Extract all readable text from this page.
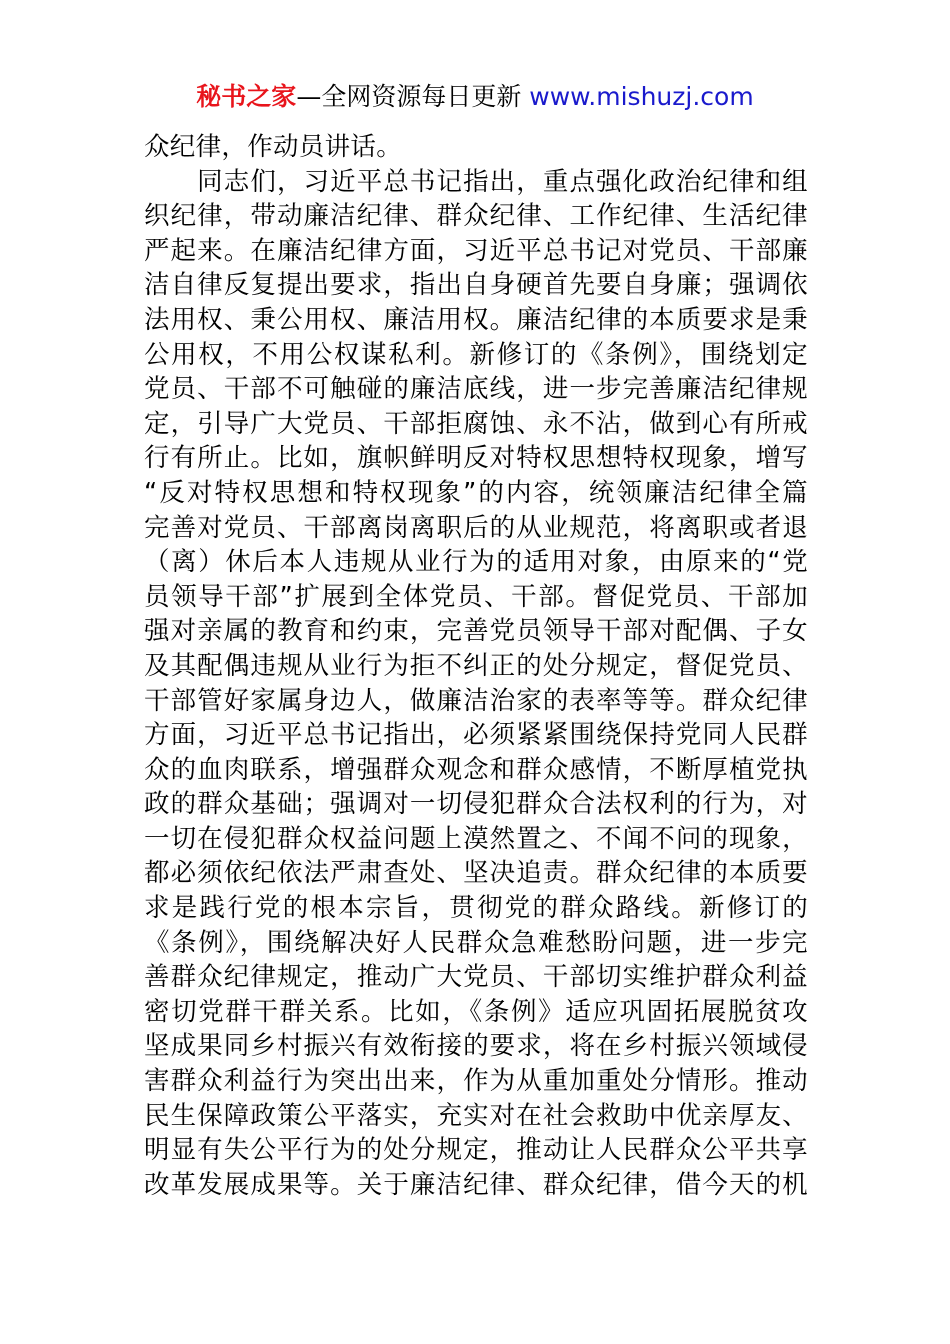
秘书之家—全网资源每日更新 www.mishuzj.com
众纪律，作动员讲话。
　　同志们，习近平总书记指出，重点强化政治纪律和组
织纪律，带动廉洁纪律、群众纪律、工作纪律、生活纪律
严起来。在廉洁纪律方面，习近平总书记对党员、干部廉
洁自律反复提出要求，指出自身硬首先要自身廉；强调依
法用权、秉公用权、廉洁用权。廉洁纪律的本质要求是秉
公用权，不用公权谋私利。新修订的《条例》，围绕划定
党员、干部不可触碰的廉洁底线，进一步完善廉洁纪律规
定，引导广大党员、干部拒腐蚀、永不沾，做到心有所戒
行有所止。比如，旗帜鲜明反对特权思想特权现象，增写
“反对特权思想和特权现象”的内容，统领廉洁纪律全篇
完善对党员、干部离岗离职后的从业规范，将离职或者退
（离）休后本人违规从业行为的适用对象，由原来的“党
员领导干部”扩展到全体党员、干部。督促党员、干部加
强对亲属的教育和约束，完善党员领导干部对配偶、子女
及其配偶违规从业行为拒不纠正的处分规定，督促党员、
干部管好家属身边人，做廉洁治家的表率等等。群众纪律
方面，习近平总书记指出，必须紧紧围绕保持党同人民群
众的血肉联系，增强群众观念和群众感情，不断厚植党执
政的群众基础；强调对一切侵犯群众合法权利的行为，对
一切在侵犯群众权益问题上漠然置之、不闻不问的现象，
都必须依纪依法严肃查处、坚决追责。群众纪律的本质要
求是践行党的根本宗旨，贯彻党的群众路线。新修订的
《条例》，围绕解决好人民群众急难愁盼问题，进一步完
善群众纪律规定，推动广大党员、干部切实维护群众利益
密切党群干群关系。比如，《条例》适应巩固拓展脱贫攻
坚成果同乡村振兴有效衔接的要求，将在乡村振兴领域侵
害群众利益行为突出出来，作为从重加重处分情形。推动
民生保障政策公平落实，充实对在社会救助中优亲厚友、
明显有失公平行为的处分规定，推动让人民群众公平共享
改革发展成果等。关于廉洁纪律、群众纪律，借今天的机
